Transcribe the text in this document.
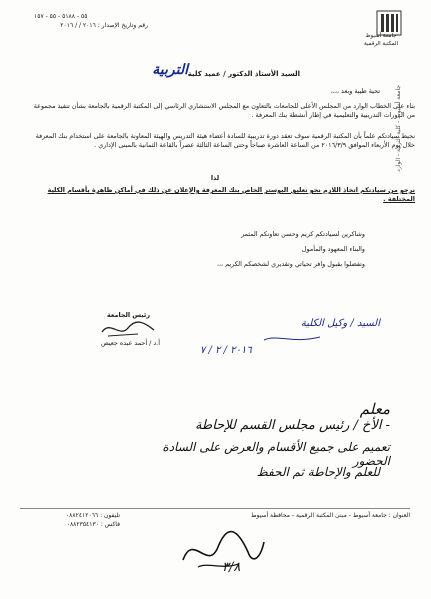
٥٥ - ٥١٨٨ - ٥٥ - ١٥٧
رقم وتاريخ الإصدار : ٢٠١٦ / / ٢٠١٦
جامعة أسيوط
المكتبة الرقمية
السيد الأستاذ الدكتور / عميد كلية
التربية
تحية طيبة وبعد ،،،،
بناء على الخطاب الوارد من المجلس الأعلى للجامعات بالتعاون مع المجلس الاستشاري الرئاسي إلى المكتبة الرقمية بالجامعة بشأن تنفيذ مجموعة من الدورات التدريبية والتعليمية في إطار أنشطة بنك المعرفة .
نحيط سيادتكم علماً بأن المكتبة الرقمية سوف تعقد دورة تدريبية للسادة أعضاء هيئة التدريس والهيئة المعاونة بالجامعة على استخدام بنك المعرفة خلال يوم الأربعاء الموافق ٢٠١٦/٣/٩ من الساعة العاشرة صباحاً وحتى الساعة الثالثة عصراً بالقاعة الثمانية بالمبنى الإداري .
لذا
نرجو من سيادتكم اتخاذ اللازم نحو تعليق البوستر الخاص بنك المعرفة والإعلان عن ذلك في أماكن ظاهرة بأقسام الكلية المختلفة .
وشاكرين لسيادتكم كريم وحسن تعاونكم المثمر
والبناء المعهود والمأمول
وتفضلوا بقبول وافر تحياتي وتقديري لشخصكم الكريم ،،،
جامعة أسيوط - كلية التربية - الوارد
رئيس الجامعة
أ.د / أحمد عبده جعيص
السيد / وكيل الكلية
٢٠١٦ / ٢ / ٧
معلم
- الأخ / رئيس مجلس القسم للإحاطة
تعميم على جميع الأقسام والعرض على السادة الحضور
للعلم والإحاطة ثم الحفظ
العنوان : جامعة أسيوط - مبنى المكتبة الرقمية - محافظة أسيوط
تليفون : ٠٨٨٢٤١٢٠٦٦
فاكس : ٠٨٨٢٣٥٤١٣٠
٣/٨
